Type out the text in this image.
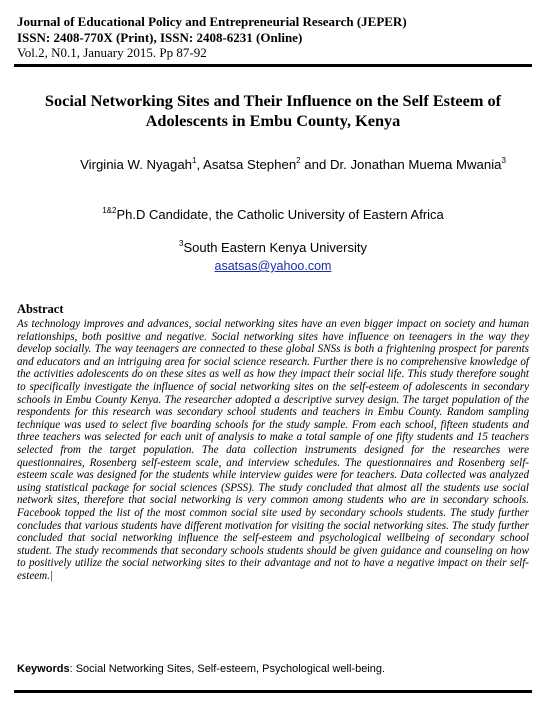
Journal of Educational Policy and Entrepreneurial Research (JEPER)
ISSN: 2408-770X (Print), ISSN: 2408-6231 (Online)
Vol.2, N0.1, January 2015. Pp 87-92
Social Networking Sites and Their Influence on the Self Esteem of Adolescents in Embu County, Kenya
Virginia W. Nyagah$^1$, Asatsa Stephen$^2$ and Dr. Jonathan Muema Mwania$^3$
$^{1\&2}$Ph.D Candidate, the Catholic University of Eastern Africa
$^3$South Eastern Kenya University
asatsas@yahoo.com
Abstract
As technology improves and advances, social networking sites have an even bigger impact on society and human relationships, both positive and negative. Social networking sites have influence on teenagers in the way they develop socially. The way teenagers are connected to these global SNSs is both a frightening prospect for parents and educators and an intriguing area for social science research. Further there is no comprehensive knowledge of the activities adolescents do on these sites as well as how they impact their social life. This study therefore sought to specifically investigate the influence of social networking sites on the self-esteem of adolescents in secondary schools in Embu County Kenya. The researcher adopted a descriptive survey design. The target population of the respondents for this research was secondary school students and teachers in Embu County. Random sampling technique was used to select five boarding schools for the study sample. From each school, fifteen students and three teachers was selected for each unit of analysis to make a total sample of one fifty students and 15 teachers selected from the target population. The data collection instruments designed for the researches were questionnaires, Rosenberg self-esteem scale, and interview schedules. The questionnaires and Rosenberg self-esteem scale was designed for the students while interview guides were for teachers. Data collected was analyzed using statistical package for social sciences (SPSS). The study concluded that almost all the students use social network sites, therefore that social networking is very common among students who are in secondary schools. Facebook topped the list of the most common social site used by secondary schools students. The study further concludes that various students have different motivation for visiting the social networking sites. The study further concluded that social networking influence the self-esteem and psychological wellbeing of secondary school student. The study recommends that secondary schools students should be given guidance and counseling on how to positively utilize the social networking sites to their advantage and not to have a negative impact on their self-esteem.|
Keywords: Social Networking Sites, Self-esteem, Psychological well-being.
